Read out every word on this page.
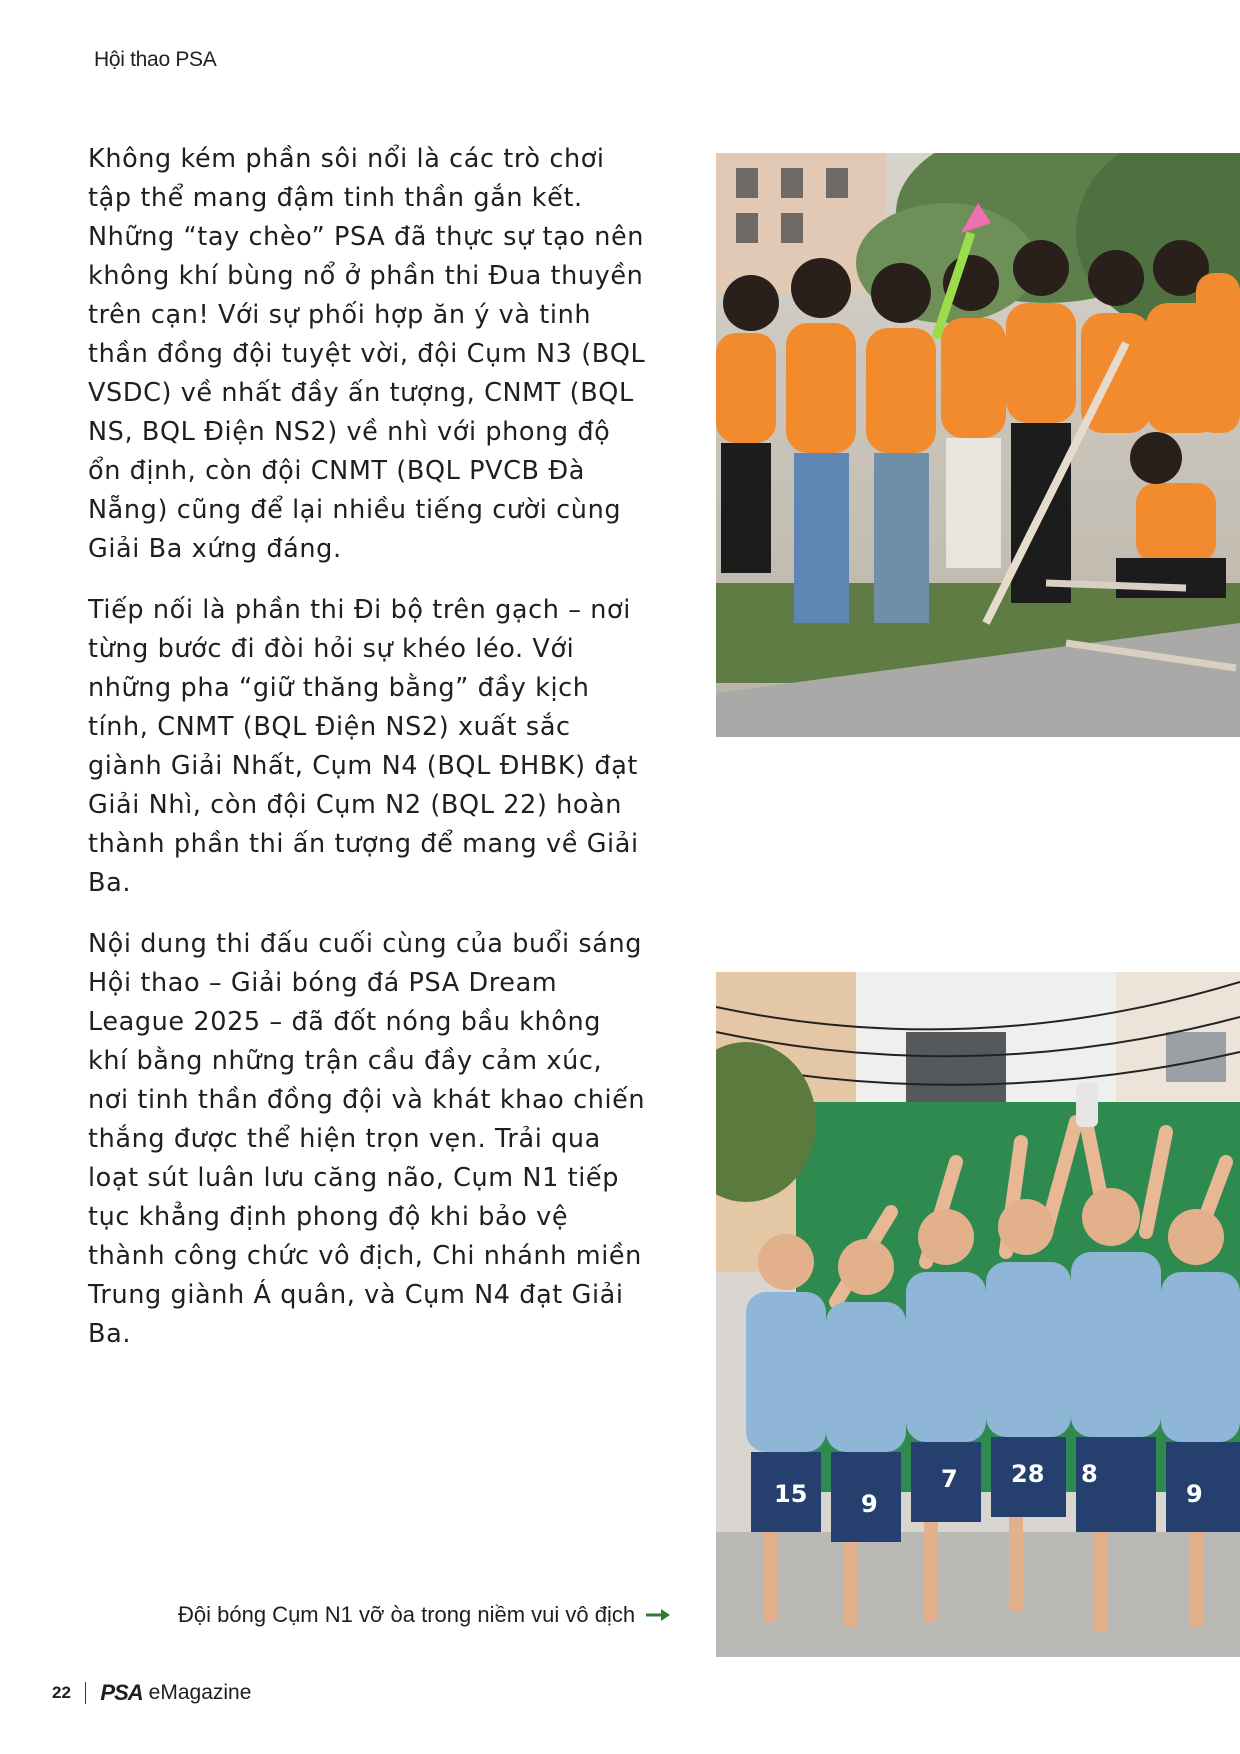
Hội thao PSA

Không kém phần sôi nổi là các trò chơi tập thể mang đậm tinh thần gắn kết. Những “tay chèo” PSA đã thực sự tạo nên không khí bùng nổ ở phần thi Đua thuyền trên cạn! Với sự phối hợp ăn ý và tinh thần đồng đội tuyệt vời, đội Cụm N3 (BQL VSDC) về nhất đầy ấn tượng, CNMT (BQL NS, BQL Điện NS2) về nhì với phong độ ổn định, còn đội CNMT (BQL PVCB Đà Nẵng) cũng để lại nhiều tiếng cười cùng Giải Ba xứng đáng.

Tiếp nối là phần thi Đi bộ trên gạch – nơi từng bước đi đòi hỏi sự khéo léo. Với những pha “giữ thăng bằng” đầy kịch tính, CNMT (BQL Điện NS2) xuất sắc giành Giải Nhất, Cụm N4 (BQL ĐHBK) đạt Giải Nhì, còn đội Cụm N2 (BQL 22) hoàn thành phần thi ấn tượng để mang về Giải Ba.

Nội dung thi đấu cuối cùng của buổi sáng Hội thao – Giải bóng đá PSA Dream League 2025 – đã đốt nóng bầu không khí bằng những trận cầu đầy cảm xúc, nơi tinh thần đồng đội và khát khao chiến thắng được thể hiện trọn vẹn. Trải qua loạt sút luân lưu căng não, Cụm N1 tiếp tục khẳng định phong độ khi bảo vệ thành công chức vô địch, Chi nhánh miền Trung giành Á quân, và Cụm N4 đạt Giải Ba.

15 9
7 28 8
9
Đội bóng Cụm N1 vỡ òa trong niềm vui vô địch
22 PSA eMagazine
